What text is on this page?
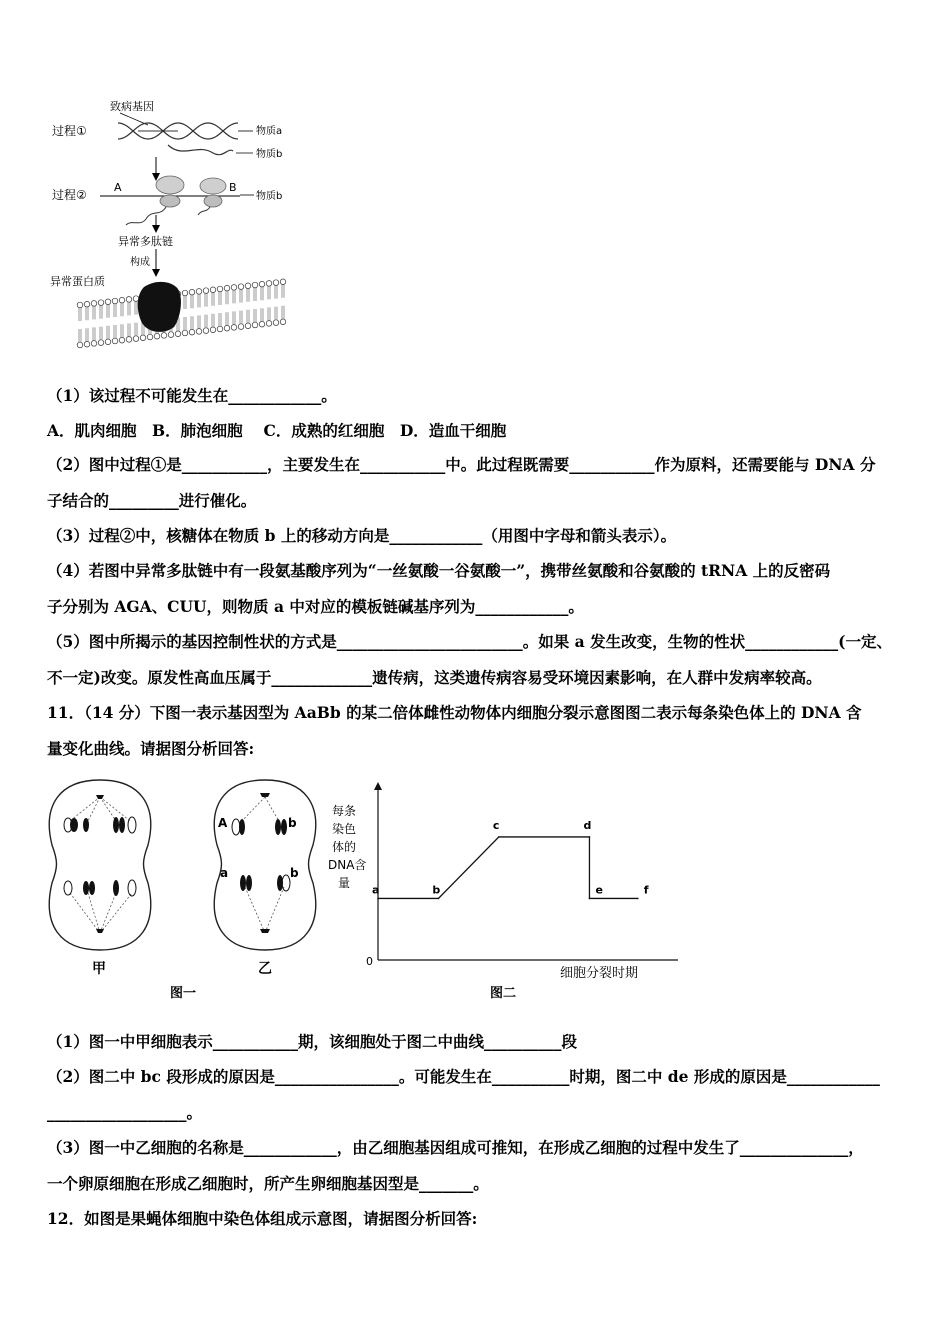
致病基因
过程①	物质a
物质b
过程②
A	B
物质b
异常多肽链
构成
异常蛋白质
（1）该过程不可能发生在____________。
A．肌肉细胞　B．肺泡细胞　 C．成熟的红细胞　D．造血干细胞
（2）图中过程①是___________，主要发生在___________中。此过程既需要___________作为原料，还需要能与 DNA 分
子结合的_________进行催化。
（3）过程②中，核糖体在物质 b 上的移动方向是____________（用图中字母和箭头表示）。
（4）若图中异常多肽链中有一段氨基酸序列为“一丝氨酸一谷氨酸一”，携带丝氨酸和谷氨酸的 tRNA 上的反密码
子分别为 AGA、CUU，则物质 a 中对应的模板链碱基序列为____________。
（5）图中所揭示的基因控制性状的方式是________________________。如果 a 发生改变，生物的性状____________(一定、
不一定)改变。原发性高血压属于_____________遗传病，这类遗传病容易受环境因素影响，在人群中发病率较高。
11．（14 分）下图一表示基因型为 AaBb 的某二倍体雌性动物体内细胞分裂示意图图二表示每条染色体上的 DNA 含
量变化曲线。请据图分析回答:
甲
A	b
a	b
乙
图一
每条
染色
体的
DNA含
量
0
细胞分裂时期
a	b
c	d
e	f
图二
（1）图一中甲细胞表示___________期，该细胞处于图二中曲线__________段
（2）图二中 bc 段形成的原因是________________。可能发生在__________时期，图二中 de 形成的原因是____________
__________________。
（3）图一中乙细胞的名称是____________，由乙细胞基因组成可推知，在形成乙细胞的过程中发生了______________，
一个卵原细胞在形成乙细胞时，所产生卵细胞基因型是_______。
12．如图是果蝇体细胞中染色体组成示意图，请据图分析回答:
